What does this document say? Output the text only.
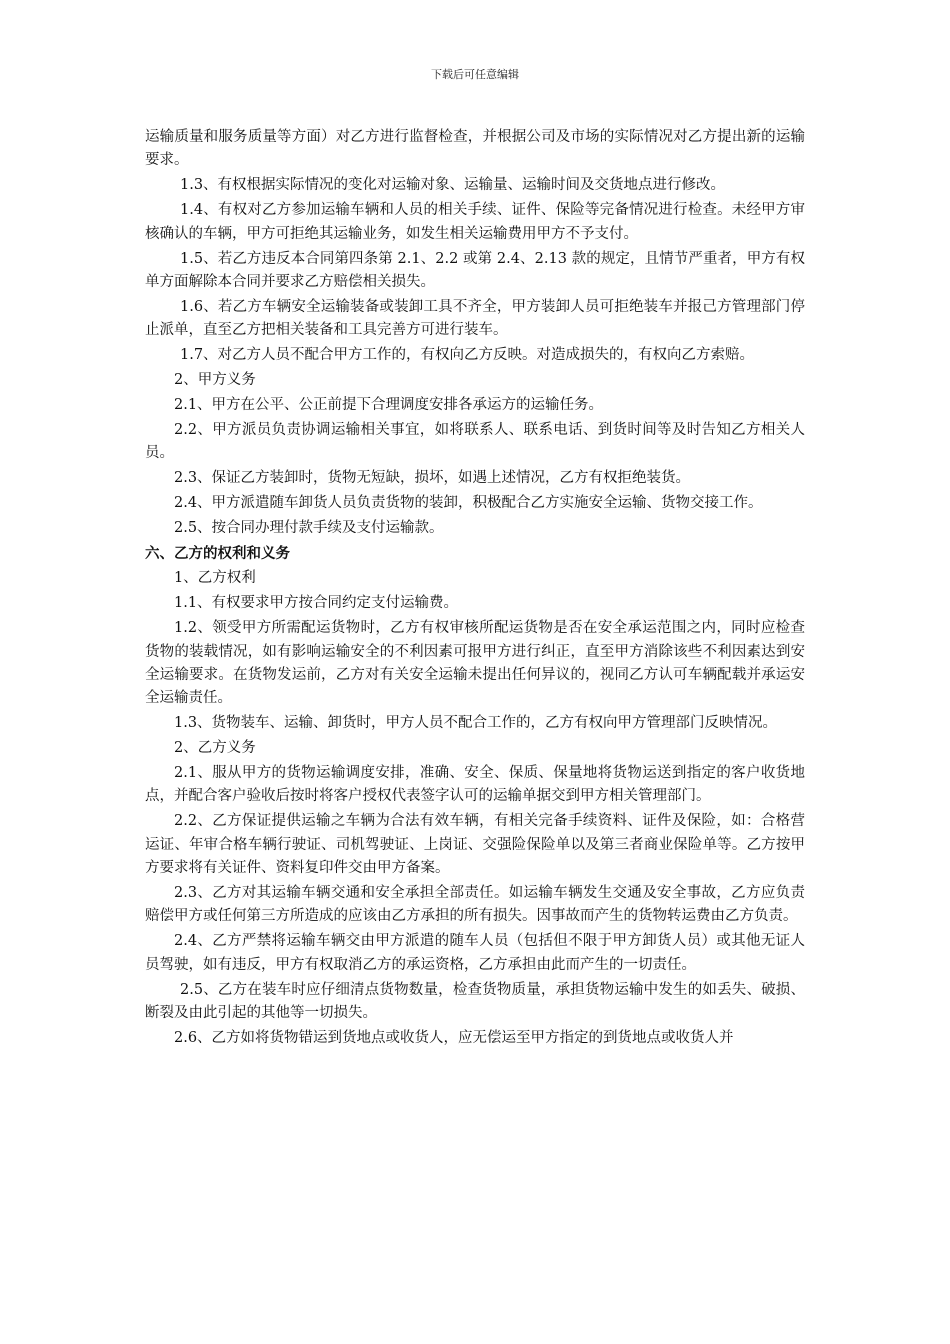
下载后可任意编辑

运输质量和服务质量等方面）对乙方进行监督检查，并根据公司及市场的实际情况对乙方提出新的运输要求。

1.3、有权根据实际情况的变化对运输对象、运输量、运输时间及交货地点进行修改。

1.4、有权对乙方参加运输车辆和人员的相关手续、证件、保险等完备情况进行检查。未经甲方审核确认的车辆，甲方可拒绝其运输业务，如发生相关运输费用甲方不予支付。

1.5、若乙方违反本合同第四条第 2.1、2.2 或第 2.4、2.13 款的规定，且情节严重者，甲方有权单方面解除本合同并要求乙方赔偿相关损失。

1.6、若乙方车辆安全运输装备或装卸工具不齐全，甲方装卸人员可拒绝装车并报己方管理部门停止派单，直至乙方把相关装备和工具完善方可进行装车。

1.7、对乙方人员不配合甲方工作的，有权向乙方反映。对造成损失的，有权向乙方索赔。

2、甲方义务

2.1、甲方在公平、公正前提下合理调度安排各承运方的运输任务。

2.2、甲方派员负责协调运输相关事宜，如将联系人、联系电话、到货时间等及时告知乙方相关人员。

2.3、保证乙方装卸时，货物无短缺，损坏，如遇上述情况，乙方有权拒绝装货。

2.4、甲方派遣随车卸货人员负责货物的装卸，积极配合乙方实施安全运输、货物交接工作。

2.5、按合同办理付款手续及支付运输款。

六、乙方的权利和义务

1、乙方权利

1.1、有权要求甲方按合同约定支付运输费。

1.2、领受甲方所需配运货物时，乙方有权审核所配运货物是否在安全承运范围之内，同时应检查货物的装载情况，如有影响运输安全的不利因素可报甲方进行纠正，直至甲方消除该些不利因素达到安全运输要求。在货物发运前，乙方对有关安全运输未提出任何异议的，视同乙方认可车辆配载并承运安全运输责任。

1.3、货物装车、运输、卸货时，甲方人员不配合工作的，乙方有权向甲方管理部门反映情况。

2、乙方义务

2.1、服从甲方的货物运输调度安排，准确、安全、保质、保量地将货物运送到指定的客户收货地点，并配合客户验收后按时将客户授权代表签字认可的运输单据交到甲方相关管理部门。

2.2、乙方保证提供运输之车辆为合法有效车辆，有相关完备手续资料、证件及保险，如：合格营运证、年审合格车辆行驶证、司机驾驶证、上岗证、交强险保险单以及第三者商业保险单等。乙方按甲方要求将有关证件、资料复印件交由甲方备案。

2.3、乙方对其运输车辆交通和安全承担全部责任。如运输车辆发生交通及安全事故，乙方应负责赔偿甲方或任何第三方所造成的应该由乙方承担的所有损失。因事故而产生的货物转运费由乙方负责。

2.4、乙方严禁将运输车辆交由甲方派遣的随车人员（包括但不限于甲方卸货人员）或其他无证人员驾驶，如有违反，甲方有权取消乙方的承运资格，乙方承担由此而产生的一切责任。

2.5、乙方在装车时应仔细清点货物数量，检查货物质量，承担货物运输中发生的如丢失、破损、断裂及由此引起的其他等一切损失。

2.6、乙方如将货物错运到货地点或收货人，应无偿运至甲方指定的到货地点或收货人并
